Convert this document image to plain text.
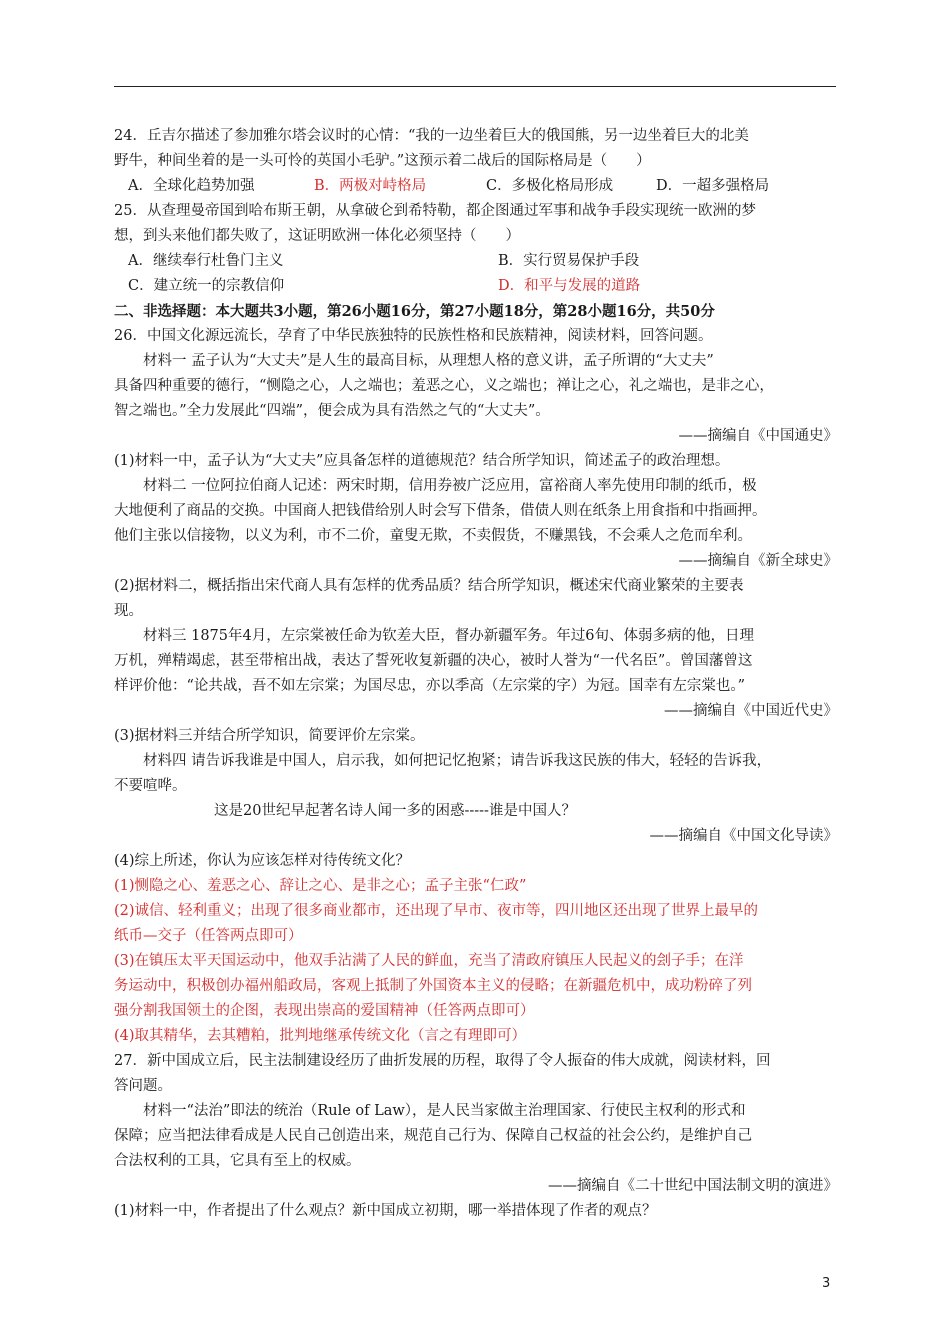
24．丘吉尔描述了参加雅尔塔会议时的心情：“我的一边坐着巨大的俄国熊，另一边坐着巨大的北美
野牛，种间坐着的是一头可怜的英国小毛驴。”这预示着二战后的国际格局是（　　）
A．全球化趋势加强	B．两极对峙格局	C．多极化格局形成	D．一超多强格局
25．从查理曼帝国到哈布斯王朝，从拿破仑到希特勒，都企图通过军事和战争手段实现统一欧洲的梦
想，到头来他们都失败了，这证明欧洲一体化必须坚持（　　）
A．继续奉行杜鲁门主义	B．实行贸易保护手段
C．建立统一的宗教信仰	D．和平与发展的道路
二、非选择题：本大题共3小题，第26小题16分，第27小题18分，第28小题16分，共50分
26．中国文化源远流长，孕育了中华民族独特的民族性格和民族精神，阅读材料，回答问题。
材料一 孟子认为“大丈夫”是人生的最高目标，从理想人格的意义讲，孟子所谓的“大丈夫”
具备四种重要的德行，“恻隐之心，人之端也；羞恶之心，义之端也；禅让之心，礼之端也，是非之心，
智之端也。”全力发展此“四端”，便会成为具有浩然之气的“大丈夫”。
——摘编自《中国通史》
(1)材料一中，孟子认为“大丈夫”应具备怎样的道德规范？结合所学知识，简述孟子的政治理想。
材料二 一位阿拉伯商人记述：两宋时期，信用券被广泛应用，富裕商人率先使用印制的纸币，极
大地便利了商品的交换。中国商人把钱借给别人时会写下借条，借债人则在纸条上用食指和中指画押。
他们主张以信接物，以义为利，市不二价，童叟无欺，不卖假货，不赚黑钱，不会乘人之危而牟利。
——摘编自《新全球史》
(2)据材料二，概括指出宋代商人具有怎样的优秀品质？结合所学知识，概述宋代商业繁荣的主要表
现。
材料三 1875年4月，左宗棠被任命为钦差大臣，督办新疆军务。年过6旬、体弱多病的他，日理
万机，殚精竭虑，甚至带棺出战，表达了誓死收复新疆的决心，被时人誉为“一代名臣”。曾国藩曾这
样评价他：“论共战，吾不如左宗棠；为国尽忠，亦以季高（左宗棠的字）为冠。国幸有左宗棠也。”
——摘编自《中国近代史》
(3)据材料三并结合所学知识，简要评价左宗棠。
材料四 请告诉我谁是中国人，启示我，如何把记忆抱紧；请告诉我这民族的伟大，轻轻的告诉我，
不要喧哗。
这是20世纪早起著名诗人闻一多的困惑-----谁是中国人？
——摘编自《中国文化导读》
(4)综上所述，你认为应该怎样对待传统文化？
(1)恻隐之心、羞恶之心、辞让之心、是非之心；孟子主张“仁政”
(2)诚信、轻利重义；出现了很多商业都市，还出现了早市、夜市等，四川地区还出现了世界上最早的
纸币—交子（任答两点即可）
(3)在镇压太平天国运动中，他双手沾满了人民的鲜血，充当了清政府镇压人民起义的刽子手；在洋
务运动中，积极创办福州船政局，客观上抵制了外国资本主义的侵略；在新疆危机中，成功粉碎了列
强分割我国领土的企图，表现出崇高的爱国精神（任答两点即可）
(4)取其精华，去其糟粕，批判地继承传统文化（言之有理即可）
27．新中国成立后，民主法制建设经历了曲折发展的历程，取得了令人振奋的伟大成就，阅读材料，回
答问题。
材料一“法治”即法的统治（Rule of Law），是人民当家做主治理国家、行使民主权利的形式和
保障；应当把法律看成是人民自己创造出来，规范自己行为、保障自己权益的社会公约，是维护自己
合法权利的工具，它具有至上的权威。
——摘编自《二十世纪中国法制文明的演进》
(1)材料一中，作者提出了什么观点？新中国成立初期，哪一举措体现了作者的观点？
3
